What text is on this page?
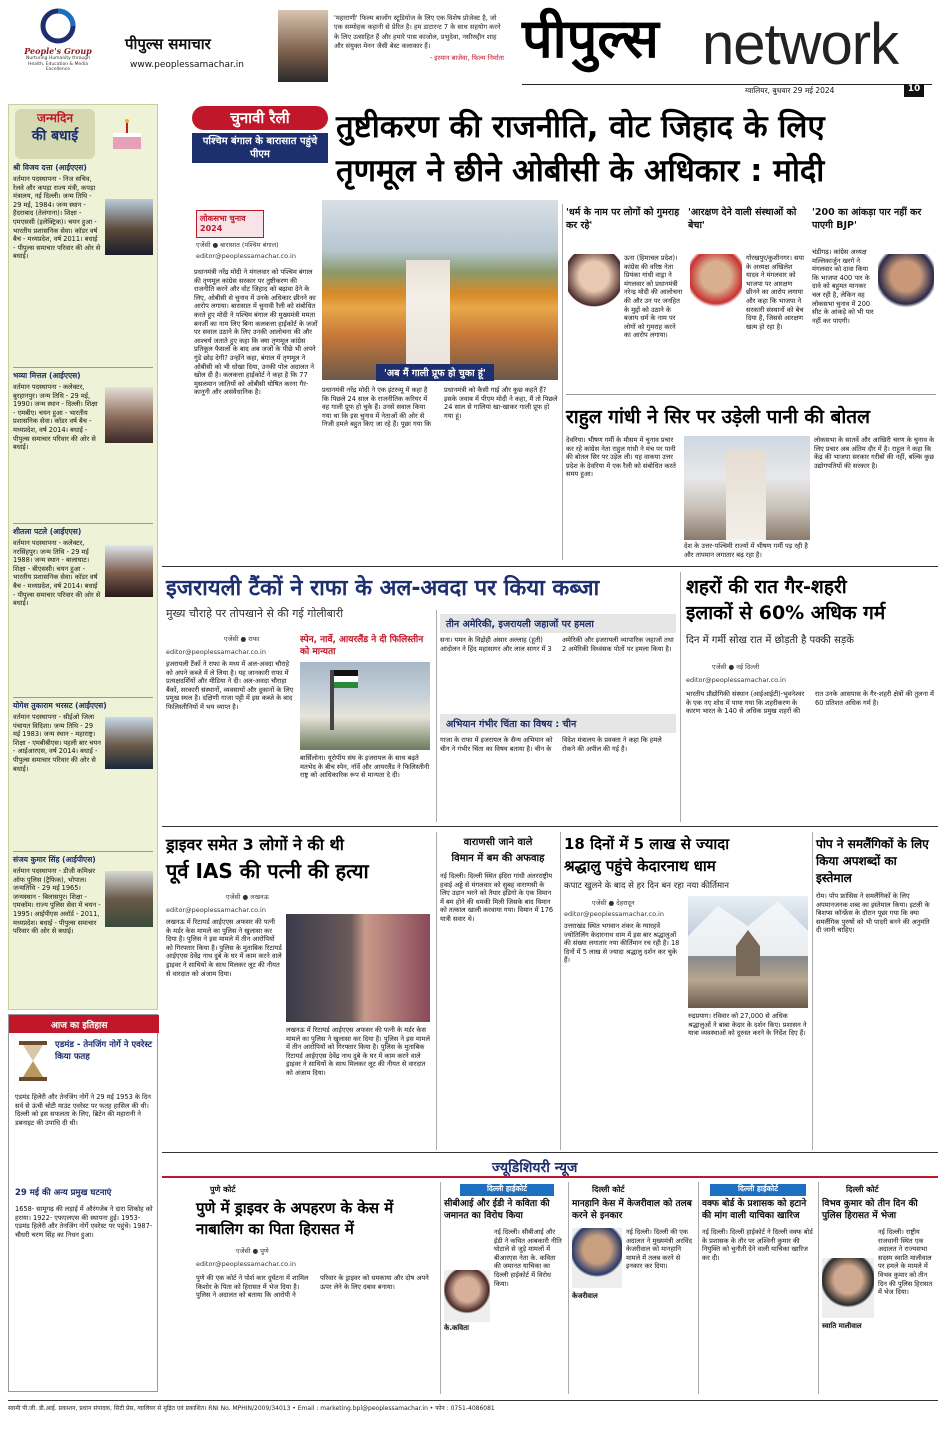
People's Group
Nurturing Humanity through Health, Education & Media Excellence
पीपुल्स समाचार
www.peoplessamachar.in
'महाराणी' फिल्म बाजोंग स्टूडियोज के लिए एक विशेष प्रोजेक्ट है, जो एक सम्मोहक कहानी से प्रेरित है। हम डाटारन्ट 7 के साथ सहयोग करने के लिए उत्साहित हैं और हमारे पास काजोल, प्रभुदेवा, नसीरुद्दीन शाह और संयुक्त मेनन जैसी बेस्ट कलाकार हैं।
- इरमान बाजेवा, फिल्म निर्माता पीपुल्स network
ग्वालियर, बुधवार 29 मई 2024	10
जन्मदिन
की बधाई
श्री विजय दत्ता (आईएएस)
वर्तमान पदस्थापना - निज सचिव, रेलवे और कपड़ा राज्य मंत्री, कपड़ा मंत्रालय, नई दिल्ली। जन्म तिथि - 29 मई, 1984। जन्म स्थान - हैदराबाद (तेलंगाना)। शिक्षा - एमएससी (इलेक्ट्रिक)। चयन हुआ - भारतीय प्रशासनिक सेवा। कॉडर वर्ष बैच - मध्यप्रदेश, वर्ष 2011। बधाई - पीपुल्स समाचार परिवार की ओर से बधाई।
भव्या मित्तल (आईएएस)
वर्तमान पदस्थापना - कलेक्टर, बुरहानपुर। जन्म तिथि - 29 मई, 1990। जन्म स्थान - दिल्ली। शिक्षा - एमबीए। चयन हुआ - भारतीय प्रशासनिक सेवा। कॉडर वर्ष बैच - मध्यप्रदेश, वर्ष 2014। बधाई - पीपुल्स समाचार परिवार की ओर से बधाई।
शीतला पटले (आईएएस)
वर्तमान पदस्थापना - कलेक्टर, नरसिंहपुर। जन्म तिथि - 29 मई 1988। जन्म स्थान - बालाघाट। शिक्षा - बीएससी। चयन हुआ - भारतीय प्रशासनिक सेवा। कॉडर वर्ष बैच - मध्यप्रदेश, वर्ष 2014। बधाई - पीपुल्स समाचार परिवार की ओर से बधाई।
योगेश तुकाराम भरसट (आईएएस)
वर्तमान पदस्थापना - सीईओ जिला पंचायत विदिशा। जन्म तिथि - 29 मई 1983। जन्म स्थान - महाराष्ट्र। शिक्षा - एमबीबीएस। पहली बार चयन - आईआरएस, वर्ष 2014। बधाई - पीपुल्स समाचार परिवार की ओर से बधाई।
संजय कुमार सिंह (आईपीएस)
वर्तमान पदस्थापना - डीजी कमिश्नर ऑफ पुलिस (ट्रैफिक), भोपाल। जन्मतिथि - 29 मई 1965। जन्मस्थान - बिलासपुर। शिक्षा - एमकॉम। राज्य पुलिस सेवा में चयन - 1995। आईपीएस अवॉर्ड - 2011, मध्यप्रदेश। बधाई - पीपुल्स समाचार परिवार की ओर से बधाई।
आज का इतिहास
एडमंड - तेनजिंग नोर्गे ने एवरेस्ट किया फतह
एडमंड हिलेरी और तेनजिंग नोर्गे ने 29 मई 1953 के दिन सर्व से ऊंची चोटी माउंट एवरेस्ट पर फतह हासिल की थी। दिल्ली को इस सफलता के लिए, ब्रिटेन की महारानी ने डबनाइट की उपाधि दी थी।
29 मई की अन्य प्रमुख घटनाएं
1658- सामूगढ़ की लड़ाई में औरंगजेब ने दारा शिकोह को हराया। 1922- एफएलएस की स्थापना हुई। 1953- एडमंड हिलेरी और तेनजिंग नोर्गे एवरेस्ट पर पहुंचे। 1987- चौधरी चरण सिंह का निधन हुआ।
चुनावी रैली
पश्चिम बंगाल के बारासात पहुंचे पीएम
तुष्टीकरण की राजनीति, वोट जिहाद के लिए
तृणमूल ने छीने ओबीसी के अधिकार : मोदी
लोकसभा चुनाव 2024
एजेंसी ● बारासात (पश्चिम बंगाल)
editor@peoplessamachar.co.in
प्रधानमंत्री नरेंद्र मोदी ने मंगलवार को पश्चिम बंगाल की तृणमूल कांग्रेस सरकार पर तुष्टीकरण की राजनीति करने और वोट जिहाद को बढ़ावा देने के लिए, ओबीसी से चुनाव में उनके अधिकार छीनने का आरोप लगाया। बारासात में चुनावी रैली को संबोधित करते हुए मोदी ने पश्चिम बंगाल की मुख्यमंत्री ममता बनर्जी का नाम लिए बिना कलकत्ता हाईकोर्ट के जजों पर सवाल उठाने के लिए उनकी आलोचना की और आश्चर्य जताते हुए कहा कि क्या तृणमूल कांग्रेस प्रतिकूल फैसलों के बाद अब जजों के पीछे भी अपने गुंडे छोड़ देगी? उन्होंने कहा, बंगाल में तृणमूल ने ओबीसी को भी धोखा दिया, उनकी पोल अदालत ने खोल दी है। कलकत्ता हाईकोर्ट ने कहा है कि 77 मुसलमान जातियों को ओबीसी घोषित करना गैर-कानूनी और असंवैधानिक है।
'अब मैं गाली प्रूफ हो चुका हूं'
प्रधानमंत्री नरेंद्र मोदी ने एक इंटरव्यू में कहा है कि पिछले 24 साल के राजनीतिक करियर में वह गाली प्रूफ हो चुके हैं। उनसे सवाल किया गया था कि इस चुनाव में नेताओं की ओर से निजी हमले बहुत किए जा रहे हैं। पूछा गया कि प्रधानमंत्री को कैसी गाई और कुछ कहते हैं? इसके जवाब में पीएम मोदी ने कहा, मैं तो पिछले 24 साल से गालियां खा-खाकर गाली प्रूफ हो गया हूं।
'धर्म के नाम पर लोगों को गुमराह कर रहे'
ऊना (हिमाचल प्रदेश)। कांग्रेस की वरिष्ठ नेता प्रियंका गांधी वाड्रा ने मंगलवार को प्रधानमंत्री नरेन्द्र मोदी की आलोचना की और उन पर जनहित के मुद्दों को उठाने के बजाय धर्म के नाम पर लोगों को गुमराह करने का आरोप लगाया।
'आरक्षण देने वाली संस्थाओं को बेचा'
गोरखपुर/कुशीनगर। सपा के अध्यक्ष अखिलेश यादव ने मंगलवार को भाजपा पर आरक्षण छीनने का आरोप लगाया और कहा कि भाजपा ने सरकारी संस्थानों को बेच दिया है, जिससे आरक्षण खत्म हो रहा है।
'200 का आंकड़ा पार नहीं कर पाएगी BJP'
चंडीगढ़। कांग्रेस अध्यक्ष मल्लिकार्जुन खरगे ने मंगलवार को दावा किया कि भाजपा 400 पार के दावे को बहुमत मानकर चल रही है, लेकिन वह लोकसभा चुनाव में 200 सीट के आंकड़े को भी पार नहीं कर पाएगी।
राहुल गांधी ने सिर पर उड़ेली पानी की बोतल
देवरिया। भीषण गर्मी के मौसम में चुनाव प्रचार कर रहे कांग्रेस नेता राहुल गांधी ने मंच पर पानी की बोतल सिर पर उड़ेल ली। यह वाकया उत्तर प्रदेश के देवरिया में एक रैली को संबोधित करते समय हुआ।
देश के उत्तर-पश्चिमी राज्यों में भीषण गर्मी पड़ रही है और तापमान लगातार बढ़ रहा है।
लोकसभा के सातवें और आखिरी चरण के चुनाव के लिए प्रचार अब अंतिम दौर में है। राहुल ने कहा कि केंद्र की भाजपा सरकार गरीबों की नहीं, बल्कि कुछ उद्योगपतियों की सरकार है।
इजरायली टैंकों ने राफा के अल-अवदा पर किया कब्जा
मुख्य चौराहे पर तोपखाने से की गई गोलीबारी
एजेंसी ● राफा
editor@peoplessamachar.co.in
इजरायली टैंकों ने राफा के मध्य में अल-अवदा चौराहे को अपने कब्जे में ले लिया है। यह जानकारी राफा में प्रत्यक्षदर्शियों और मीडिया ने दी। अल-अवदा चौराहा बैंकों, सरकारी संस्थानों, व्यवसायों और दुकानों के लिए प्रमुख स्थल है। दक्षिणी गाजा पट्टी में इस कब्जे के बाद फिलिस्तीनियों में भय व्याप्त है।
स्पेन, नार्वे, आयरलैंड ने दी फिलिस्तीन को मान्यता
बार्सिलोना। यूरोपीय संघ के इजरायल के साथ बढ़ते मतभेद के बीच स्पेन, नॉर्वे और आयरलैंड ने फिलिस्तीनी राष्ट्र को आधिकारिक रूप से मान्यता दे दी।
तीन अमेरिकी, इजरायली जहाजों पर हमला
सना। यमन के विद्रोही अंसार अल्लाह (हूती) आंदोलन ने हिंद महासागर और लाल सागर में 3 अमेरिकी और इजरायली व्यापारिक जहाजों तथा 2 अमेरिकी विध्वंसक पोतों पर हमला किया है।
अभियान गंभीर चिंता का विषय : चीन
गाजा के राफा में इजरायल के सैन्य अभियान को चीन ने गंभीर चिंता का विषय बताया है। चीन के विदेश मंत्रालय के प्रवक्ता ने कहा कि हमले रोकने की अपील की गई है।
शहरों की रात गैर-शहरी
इलाकों से 60% अधिक गर्म
दिन में गर्मी सोख रात में छोड़ती है पक्की सड़कें
एजेंसी ● नई दिल्ली
editor@peoplessamachar.co.in
भारतीय प्रौद्योगिकी संस्थान (आईआईटी)-भुवनेश्वर के एक नए शोध में पाया गया कि शहरीकरण के कारण भारत के 140 से अधिक प्रमुख शहरों की रात उनके आसपास के गैर-शहरी क्षेत्रों की तुलना में 60 प्रतिशत अधिक गर्म है।
ड्राइवर समेत 3 लोगों ने की थी
पूर्व IAS की पत्नी की हत्या
एजेंसी ● लखनऊ
editor@peoplessamachar.co.in
लखनऊ में रिटायर्ड आईएएस अफसर की पत्नी के मर्डर केस मामले का पुलिस ने खुलासा कर दिया है। पुलिस ने इस मामले में तीन आरोपियों को गिरफ्तार किया है। पुलिस के मुताबिक रिटायर्ड आईएएस देवेंद्र नाथ दुबे के घर में काम करने वाले ड्राइवर ने साथियों के साथ मिलकर लूट की नीयत से वारदात को अंजाम दिया।
लखनऊ में रिटायर्ड आईएएस अफसर की पत्नी के मर्डर केस मामले का पुलिस ने खुलासा कर दिया है। पुलिस ने इस मामले में तीन आरोपियों को गिरफ्तार किया है। पुलिस के मुताबिक रिटायर्ड आईएएस देवेंद्र नाथ दुबे के घर में काम करने वाले ड्राइवर ने साथियों के साथ मिलकर लूट की नीयत से वारदात को अंजाम दिया।
वाराणसी जाने वाले
विमान में बम की अफवाह
नई दिल्ली। दिल्ली स्थित इंदिरा गांधी अंतरराष्ट्रीय हवाई अड्डे से मंगलवार को सुबह वाराणसी के लिए उड़ान भरने को तैयार इंडिगो के एक विमान में बम होने की धमकी मिली जिसके बाद विमान को तत्काल खाली करवाया गया। विमान में 176 यात्री सवार थे।
18 दिनों में 5 लाख से ज्यादा
श्रद्धालु पहुंचे केदारनाथ धाम
कपाट खुलने के बाद से हर दिन बन रहा नया कीर्तिमान
एजेंसी ● देहरादून
editor@peoplessamachar.co.in
उत्तराखंड स्थित भगवान शंकर के ग्यारहवें ज्योतिर्लिंग केदारनाथ धाम में इस बार श्रद्धालुओं की संख्या लगातार नया कीर्तिमान रच रही है। 18 दिनों में 5 लाख से ज्यादा श्रद्धालु दर्शन कर चुके हैं।
रुद्रप्रयाग। रविवार को 27,000 से अधिक श्रद्धालुओं ने बाबा केदार के दर्शन किए। प्रशासन ने यात्रा व्यवस्थाओं को दुरुस्त करने के निर्देश दिए हैं।
पोप ने समलैंगिकों के लिए किया अपशब्दों का इस्तेमाल
रोम। पोप फ्रांसिस ने समलैंगिकों के लिए अपमानजनक शब्द का इस्तेमाल किया। इटली के बिशप्स कॉन्फ्रेंस के दौरान पूछा गया कि क्या समलैंगिक पुरुषों को भी पादरी बनने की अनुमति दी जानी चाहिए।
ज्यूडिशियरी न्यूज
पुणे कोर्ट
पुणे में ड्राइवर के अपहरण के केस में नाबालिग का पिता हिरासत में
एजेंसी ● पुणे
editor@peoplessamachar.co.in
पुणे की एक कोर्ट ने पोर्श कार दुर्घटना में शामिल किशोर के पिता को हिरासत में भेज दिया है। पुलिस ने अदालत को बताया कि आरोपी ने परिवार के ड्राइवर को धमकाया और दोष अपने ऊपर लेने के लिए दबाव बनाया।
दिल्ली हाईकोर्ट
सीबीआई और ईडी ने कविता की जमानत का विरोध किया
के.कविता
नई दिल्ली। सीबीआई और ईडी ने कथित आबकारी नीति घोटाले से जुड़े मामलों में बीआरएस नेता के. कविता की जमानत याचिका का दिल्ली हाईकोर्ट में विरोध किया।
दिल्ली कोर्ट
मानहानि केस में केजरीवाल को तलब करने से इनकार
केजरीवाल
नई दिल्ली। दिल्ली की एक अदालत ने मुख्यमंत्री अरविंद केजरीवाल को मानहानि मामले में तलब करने से इनकार कर दिया।
दिल्ली हाईकोर्ट
वक्फ बोर्ड के प्रशासक को हटाने की मांग वाली याचिका खारिज
नई दिल्ली। दिल्ली हाईकोर्ट ने दिल्ली वक्फ बोर्ड के प्रशासक के तौर पर अश्विनी कुमार की नियुक्ति को चुनौती देने वाली याचिका खारिज कर दी।
दिल्ली कोर्ट
विभव कुमार को तीन दिन की पुलिस हिरासत में भेजा
स्वाति मालीवाल
नई दिल्ली। राष्ट्रीय राजधानी स्थित एक अदालत ने राज्यसभा सदस्य स्वाति मालीवाल पर हमले के मामले में विभव कुमार को तीन दिन की पुलिस हिरासत में भेज दिया।
स्वामी पी.जी. डी.आई. प्रकाशन, प्रधान संपादक, सिटी प्रेस, ग्वालियर से मुद्रित एवं प्रकाशित। RNI No. MPHIN/2009/34013 • Email : marketing.bpl@peoplessamachar.in • फोन : 0751-4086081
